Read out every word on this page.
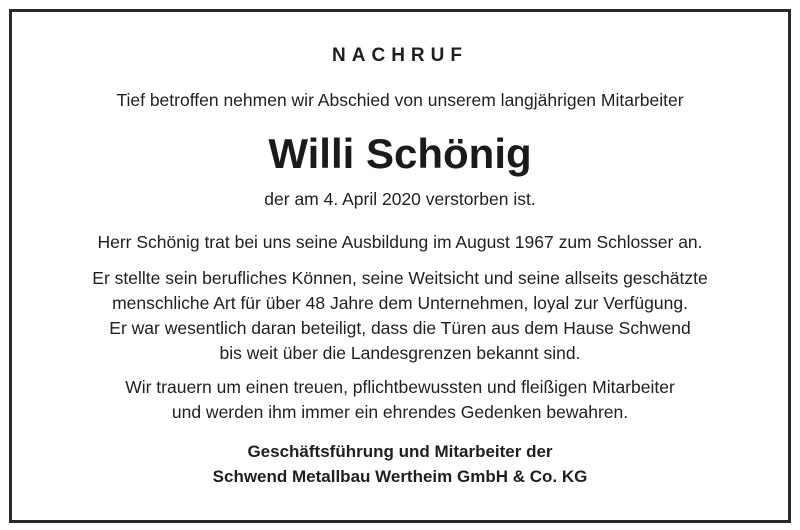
NACHRUF
Tief betroffen nehmen wir Abschied von unserem langjährigen Mitarbeiter
Willi Schönig
der am 4. April 2020 verstorben ist.
Herr Schönig trat bei uns seine Ausbildung im August 1967 zum Schlosser an.
Er stellte sein berufliches Können, seine Weitsicht und seine allseits geschätzte
menschliche Art für über 48 Jahre dem Unternehmen, loyal zur Verfügung.
Er war wesentlich daran beteiligt, dass die Türen aus dem Hause Schwend
bis weit über die Landesgrenzen bekannt sind.
Wir trauern um einen treuen, pflichtbewussten und fleißigen Mitarbeiter
und werden ihm immer ein ehrendes Gedenken bewahren.
Geschäftsführung und Mitarbeiter der
Schwend Metallbau Wertheim GmbH & Co. KG
